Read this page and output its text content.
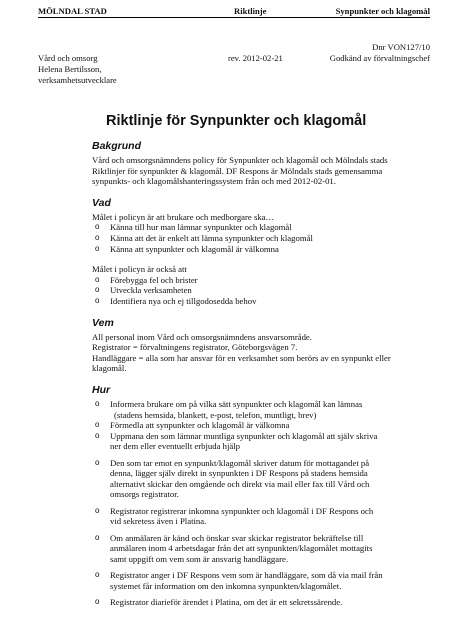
MÖLNDAL STAD	Riktlinje	Synpunkter och klagomål
Dnr VON127/10
Vård och omsorg	rev. 2012-02-21	Godkänd av förvaltningschef
Helena Bertilsson,
verksamhetsutvecklare
Riktlinje för Synpunkter och klagomål
Bakgrund

Vård och omsorgsnämndens policy för Synpunkter och klagomål och Mölndals stads
Riktlinjer för synpunkter & klagomål. DF Respons är Mölndals stads gemensamma
synpunkts- och klagomålshanteringssystem från och med 2012-02-01.

Vad

Målet i policyn är att brukare och medborgare ska…

o Känna till hur man lämnar synpunkter och klagomål
o Känna att det är enkelt att lämna synpunkter och klagomål
o Känna att synpunkter och klagomål är välkomna

Målet i policyn är också att

o Förebygga fel och brister
o Utveckla verksamheten
o Identifiera nya och ej tillgodosedda behov
Vem

All personal inom Vård och omsorgsnämndens ansvarsområde.
Registrator = förvaltningens registrator, Göteborgsvägen 7.
Handläggare = alla som har ansvar för en verksamhet som berörs av en synpunkt eller
klagomål.

Hur
o Informera brukare om på vilka sätt synpunkter och klagomål kan lämnas
(stadens hemsida, blankett, e-post, telefon, muntligt, brev)
o Förmedla att synpunkter och klagomål är välkomna
o Uppmana den som lämnar muntliga synpunkter och klagomål att själv skriva
ner dem eller eventuellt erbjuda hjälp
o Den som tar emot en synpunkt/klagomål skriver datum för mottagandet på
denna, lägger själv direkt in synpunkten i DF Respons på stadens hemsida
alternativt skickar den omgående och direkt via mail eller fax till Vård och
omsorgs registrator.
o Registrator registrerar inkomna synpunkter och klagomål i DF Respons och
vid sekretess även i Platina.
o Om anmälaren är känd och önskar svar skickar registrator bekräftelse till
anmälaren inom 4 arbetsdagar från det att synpunkten/klagomålet mottagits
samt uppgift om vem som är ansvarig handläggare.
o Registrator anger i DF Respons vem som är handläggare, som då via mail från
systemet får information om den inkomna synpunkten/klagomålet.
o Registrator diarieför ärendet i Platina, om det är ett sekretssärende.
